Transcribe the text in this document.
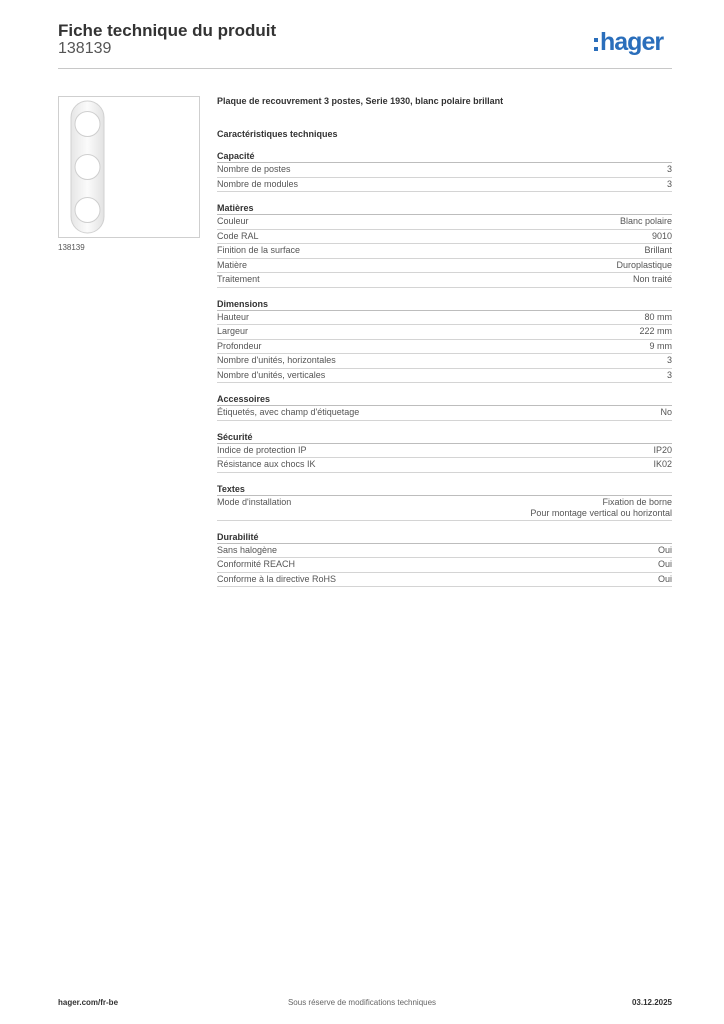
Fiche technique du produit
138139	hager
138139
Plaque de recouvrement 3 postes, Serie 1930, blanc polaire brillant
Caractéristiques techniques
Capacité
Nombre de postes	3
Nombre de modules	3
Matières
Couleur	Blanc polaire
Code RAL	9010
Finition de la surface	Brillant
Matière	Duroplastique
Traitement	Non traité
Dimensions
Hauteur	80 mm
Largeur	222 mm
Profondeur	9 mm
Nombre d'unités, horizontales	3
Nombre d'unités, verticales	3
Accessoires
Étiquetés, avec champ d'étiquetage	No
Sécurité
Indice de protection IP	IP20
Résistance aux chocs IK	IK02
Textes
Mode d'installation	Fixation de borne
Pour montage vertical ou horizontal
Durabilité
Sans halogène	Oui
Conformité REACH	Oui
Conforme à la directive RoHS	Oui
hager.com/fr-be	Sous réserve de modifications techniques	03.12.2025
